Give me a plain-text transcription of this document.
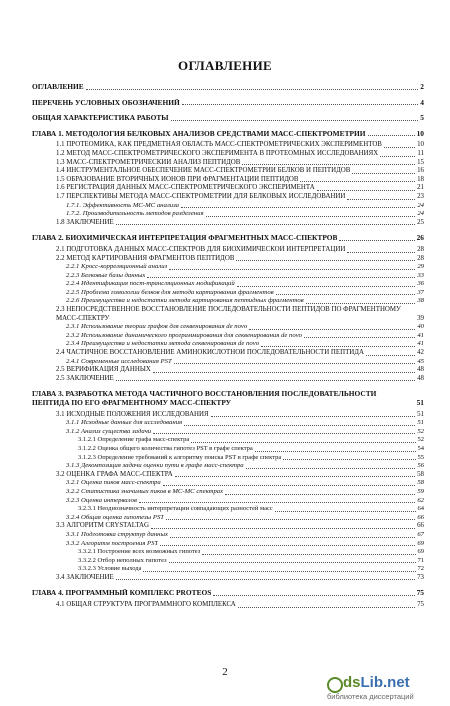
ОГЛАВЛЕНИЕ
ОГЛАВЛЕНИЕ	2
ПЕРЕЧЕНЬ УСЛОВНЫХ ОБОЗНАЧЕНИЙ	4
ОБЩАЯ ХАРАКТЕРИСТИКА РАБОТЫ	5
ГЛАВА 1. МЕТОДОЛОГИЯ БЕЛКОВЫХ АНАЛИЗОВ СРЕДСТВАМИ МАСС-СПЕКТРОМЕТРИИ	10
1.1 ПРОТЕОМИКА, КАК ПРЕДМЕТНАЯ ОБЛАСТЬ МАСС-СПЕКТРОМЕТРИЧЕСКИХ ЭКСПЕРИМЕНТОВ	10
1.2 МЕТОД МАСС-СПЕКТРОМЕТРИЧЕСКОГО ЭКСПЕРИМЕНТА В ПРОТЕОМНЫХ ИССЛЕДОВАНИЯХ	11
1.3 МАСС-СПЕКТРОМЕТРИЧЕСКИЙ АНАЛИЗ ПЕПТИДОВ	15
1.4 ИНСТРУМЕНТАЛЬНОЕ ОБЕСПЕЧЕНИЕ МАСС-СПЕКТРОМЕТРИИ БЕЛКОВ И ПЕПТИДОВ	16
1.5 ОБРАЗОВАНИЕ ВТОРИЧНЫХ ИОНОВ ПРИ ФРАГМЕНТАЦИИ ПЕПТИДОВ	18
1.6 РЕГИСТРАЦИЯ ДАННЫХ МАСС-СПЕКТРОМЕТРИЧЕСКОГО ЭКСПЕРИМЕНТА	21
1.7 ПЕРСПЕКТИВЫ МЕТОДА МАСС-СПЕКТРОМЕТРИИ ДЛЯ БЕЛКОВЫХ ИССЛЕДОВАНИЙ	23
1.7.1. Эффективность МС-МС анализа	24
1.7.2. Производительность методов разделения	24
1.8 ЗАКЛЮЧЕНИЕ	25
ГЛАВА 2. БИОХИМИЧЕСКАЯ ИНТЕРПРЕТАЦИЯ ФРАГМЕНТНЫХ МАСС-СПЕКТРОВ	26
2.1 ПОДГОТОВКА ДАННЫХ МАСС-СПЕКТРОВ ДЛЯ БИОХИМИЧЕСКОЙ ИНТЕРПРЕТАЦИИ	28
2.2 МЕТОД КАРТИРОВАНИЯ ФРАГМЕНТОВ ПЕПТИДОВ	28
2.2.1 Кросс-корреляционный анализ	29
2.2.3 Белковые базы данных	33
2.2.4 Идентификация пост-трансляционных модификаций	36
2.2.5 Проблема гомологии белков для метода картирования фрагментов	37
2.2.6 Преимущества и недостатки метода картирования пептидных фрагментов	38
2.3 НЕПОСРЕДСТВЕННОЕ ВОССТАНОВЛЕНИЕ ПОСЛЕДОВАТЕЛЬНОСТИ ПЕПТИДОВ ПО ФРАГМЕНТНОМУ МАСС-СПЕКТРУ	39
2.3.1 Использование теории графов для секвенирования de novo	40
2.3.2 Использование динамического программирования для секвенирования de novo	41
2.3.4 Преимущества и недостатки метода секвенирования de novo	41
2.4 ЧАСТИЧНОЕ ВОССТАНОВЛЕНИЕ АМИНОКИСЛОТНОЙ ПОСЛЕДОВАТЕЛЬНОСТИ ПЕПТИДА	42
2.4.1 Современные исследования PST	45
2.5 ВЕРИФИКАЦИЯ ДАННЫХ	48
2.5 ЗАКЛЮЧЕНИЕ	48
ГЛАВА 3. РАЗРАБОТКА МЕТОДА ЧАСТИЧНОГО ВОССТАНОВЛЕНИЯ ПОСЛЕДОВАТЕЛЬНОСТИ ПЕПТИДА ПО ЕГО ФРАГМЕНТНОМУ МАСС-СПЕКТРУ	51
3.1 ИСХОДНЫЕ ПОЛОЖЕНИЯ ИССЛЕДОВАНИЯ	51
3.1.1 Исходные данные для исследования	51
3.1.2 Анализ существа задачи	52
3.1.2.1 Определение графа масс-спектра	52
3.1.2.2 Оценка общего количества гипотез PST в графе спектра	54
3.1.2.3 Определение требований к алгоритму поиска PST в графе спектра	55
3.1.3 Декомпозиция задачи оценки пути в графе масс-спектра	56
3.2 ОЦЕНКА ГРАФА МАСС-СПЕКТРА	58
3.2.1 Оценка пиков масс-спектра	58
3.2.2 Статистика значимых пиков в МС-МС спектрах	59
3.2.3 Оценка интервалов	62
3.2.3.1 Неоднозначность интерпретации совпадающих разностей масс	64
3.2.4 Общая оценка гипотезы PST	66
3.3 АЛГОРИТМ CRYSTALTAG	66
3.3.1 Подготовка структур данных	67
3.3.2 Алгоритм построения PST	69
3.3.2.1 Построение всех возможных гипотез	69
3.3.2.2 Отбор неполных гипотез	71
3.3.2.3 Условие выхода	72
3.4 ЗАКЛЮЧЕНИЕ	73
ГЛАВА 4. ПРОГРАММНЫЙ КОМПЛЕКС PROTEOS	75
4.1 ОБЩАЯ СТРУКТУРА ПРОГРАММНОГО КОМПЛЕКСА	75
2
dsLib.net
библиотека диссертаций
